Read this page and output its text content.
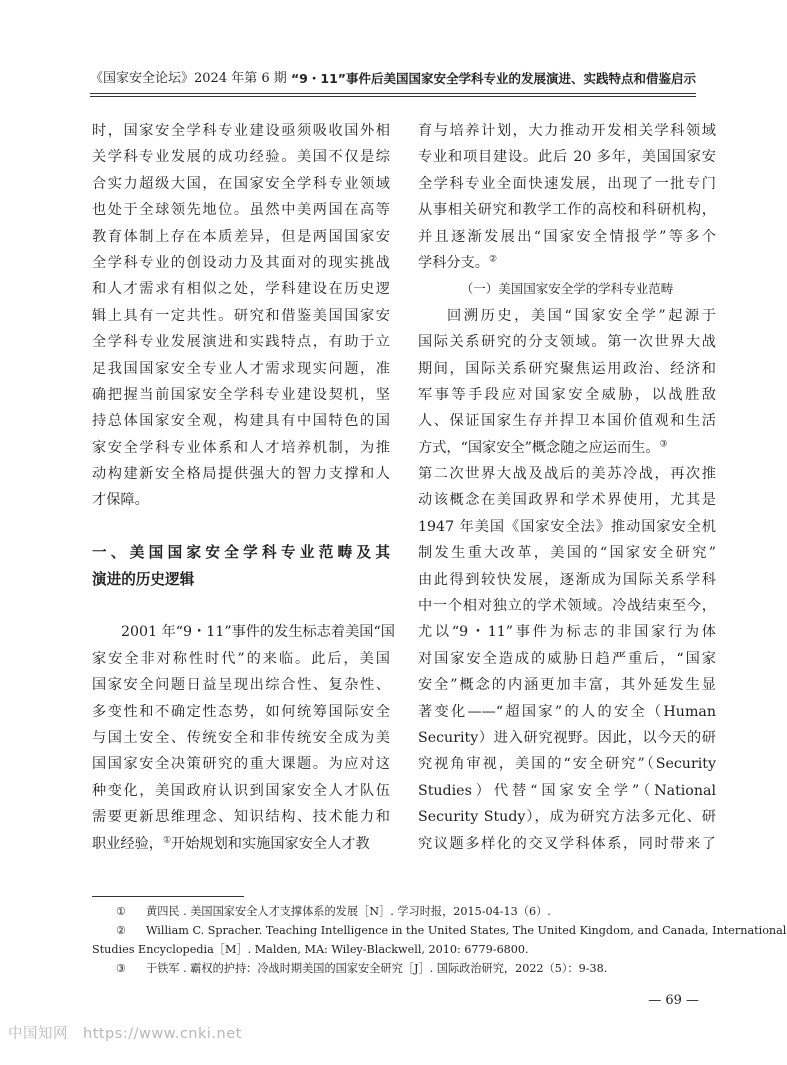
《国家安全论坛》2024 年第 6 期 “9・11”事件后美国国家安全学科专业的发展演进、实践特点和借鉴启示
时，国家安全学科专业建设亟须吸收国外相
关学科专业发展的成功经验。美国不仅是综
合实力超级大国，在国家安全学科专业领域
也处于全球领先地位。虽然中美两国在高等
教育体制上存在本质差异，但是两国国家安
全学科专业的创设动力及其面对的现实挑战
和人才需求有相似之处，学科建设在历史逻
辑上具有一定共性。研究和借鉴美国国家安
全学科专业发展演进和实践特点，有助于立
足我国国家安全专业人才需求现实问题，准
确把握当前国家安全学科专业建设契机，坚
持总体国家安全观，构建具有中国特色的国
家安全学科专业体系和人才培养机制，为推
动构建新安全格局提供强大的智力支撑和人
才保障。
一、美国国家安全学科专业范畴及其
演进的历史逻辑
2001 年“9・11”事件的发生标志着美国“国
家安全非对称性时代”的来临。此后，美国
国家安全问题日益呈现出综合性、复杂性、
多变性和不确定性态势，如何统筹国际安全
与国土安全、传统安全和非传统安全成为美
国国家安全决策研究的重大课题。为应对这
种变化，美国政府认识到国家安全人才队伍
需要更新思维理念、知识结构、技术能力和
职业经验，①开始规划和实施国家安全人才教
育与培养计划，大力推动开发相关学科领域
专业和项目建设。此后 20 多年，美国国家安
全学科专业全面快速发展，出现了一批专门
从事相关研究和教学工作的高校和科研机构，
并且逐渐发展出“国家安全情报学”等多个
学科分支。②
（一）美国国家安全学的学科专业范畴
回溯历史，美国“国家安全学”起源于
国际关系研究的分支领域。第一次世界大战
期间，国际关系研究聚焦运用政治、经济和
军事等手段应对国家安全威胁，以战胜敌
人、保证国家生存并捍卫本国价值观和生活
方式，“国家安全”概念随之应运而生。③
第二次世界大战及战后的美苏冷战，再次推
动该概念在美国政界和学术界使用，尤其是
1947 年美国《国家安全法》推动国家安全机
制发生重大改革，美国的“国家安全研究”
由此得到较快发展，逐渐成为国际关系学科
中一个相对独立的学术领域。冷战结束至今，
尤以“9・11”事件为标志的非国家行为体
对国家安全造成的威胁日趋严重后，“国家
安全”概念的内涵更加丰富，其外延发生显
著变化——“超国家”的人的安全（Human
Security）进入研究视野。因此，以今天的研
究视角审视，美国的“安全研究”（Security
Studies）代替“国家安全学”（National
Security Study），成为研究方法多元化、研
究议题多样化的交叉学科体系，同时带来了
① 黄四民 . 美国国家安全人才支撑体系的发展［N］. 学习时报，2015-04-13（6）.
② William C. Spracher. Teaching Intelligence in the United States, The United Kingdom, and Canada, International
Studies Encyclopedia［M］. Malden, MA: Wiley-Blackwell, 2010: 6779-6800.
③ 于铁军 . 霸权的护持：冷战时期美国的国家安全研究［J］. 国际政治研究，2022（5）：9-38.
— 69 —
中国知网　https://www.cnki.net
